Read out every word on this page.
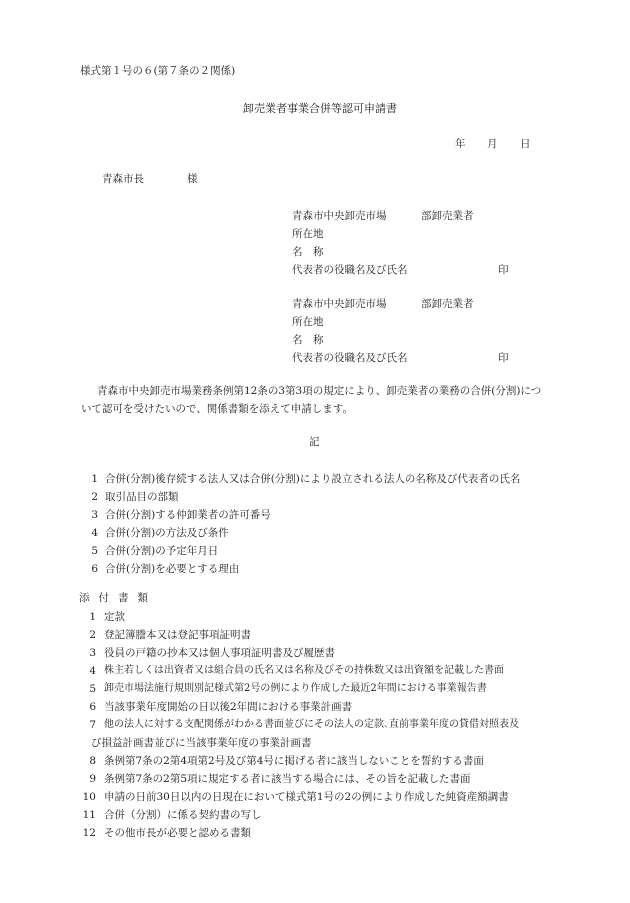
様式第１号の６(第７条の２関係)
卸売業者事業合併等認可申請書
年 月 日
青森市長	様
青森市中央卸売市場	部卸売業者
所在地
名　称
代表者の役職名及び氏名	印
青森市中央卸売市場	部卸売業者
所在地
名　称
代表者の役職名及び氏名	印
青森市中央卸売市場業務条例第12条の3第3項の規定により、卸売業者の業務の合併(分割)につ
いて認可を受けたいので、関係書類を添えて申請します。
記
1 合併(分割)後存続する法人又は合併(分割)により設立される法人の名称及び代表者の氏名
2 取引品目の部類
3 合併(分割)する仲卸業者の許可番号
4 合併(分割)の方法及び条件
5 合併(分割)の予定年月日
6 合併(分割)を必要とする理由
添付書類
1 定款
2 登記簿謄本又は登記事項証明書
3 役員の戸籍の抄本又は個人事項証明書及び履歴書
4 株主若しくは出資者又は組合員の氏名又は名称及びその持株数又は出資額を記載した書面
5 卸売市場法施行規則別記様式第2号の例により作成した最近2年間における事業報告書
6 当該事業年度開始の日以後2年間における事業計画書
7 他の法人に対する支配関係がわかる書面並びにその法人の定款､直前事業年度の貸借対照表及
び損益計画書並びに当該事業年度の事業計画書
8 条例第7条の2第4項第2号及び第4号に掲げる者に該当しないことを誓約する書面
9 条例第7条の2第5項に規定する者に該当する場合には、その旨を記載した書面
10 申請の日前30日以内の日現在において様式第1号の2の例により作成した純資産額調書
11 合併（分割）に係る契約書の写し
12 その他市長が必要と認める書類
